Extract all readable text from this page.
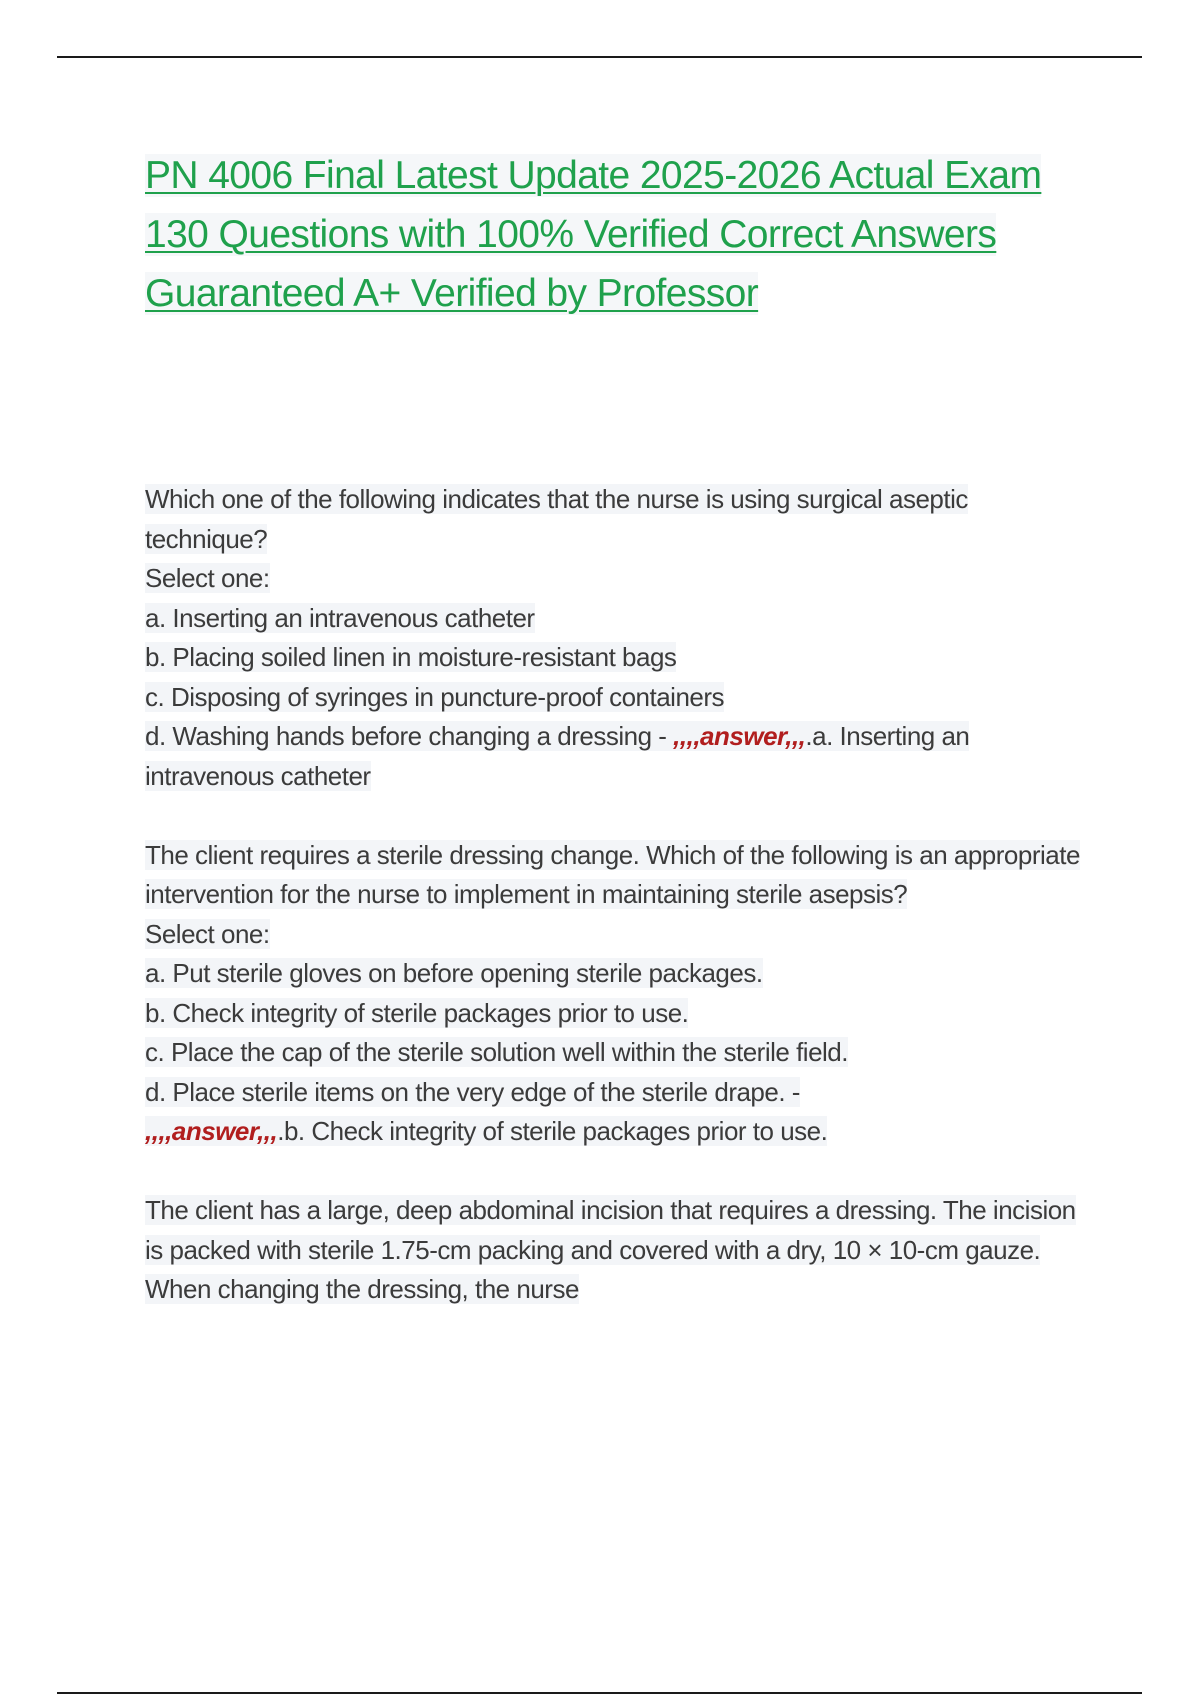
PN 4006 Final Latest Update 2025-2026 Actual Exam 130 Questions with 100% Verified Correct Answers Guaranteed A+ Verified by Professor

Which one of the following indicates that the nurse is using surgical aseptic technique?

Select one:

a. Inserting an intravenous catheter

b. Placing soiled linen in moisture-resistant bags

c. Disposing of syringes in puncture-proof containers

d. Washing hands before changing a dressing - ,,,,answer,,,.a. Inserting an intravenous catheter

The client requires a sterile dressing change. Which of the following is an appropriate intervention for the nurse to implement in maintaining sterile asepsis?

Select one:

a. Put sterile gloves on before opening sterile packages.

b. Check integrity of sterile packages prior to use.

c. Place the cap of the sterile solution well within the sterile field.

d. Place sterile items on the very edge of the sterile drape. -

,,,,answer,,,.b. Check integrity of sterile packages prior to use.

The client has a large, deep abdominal incision that requires a dressing. The incision is packed with sterile 1.75-cm packing and covered with a dry, 10 × 10-cm gauze. When changing the dressing, the nurse
